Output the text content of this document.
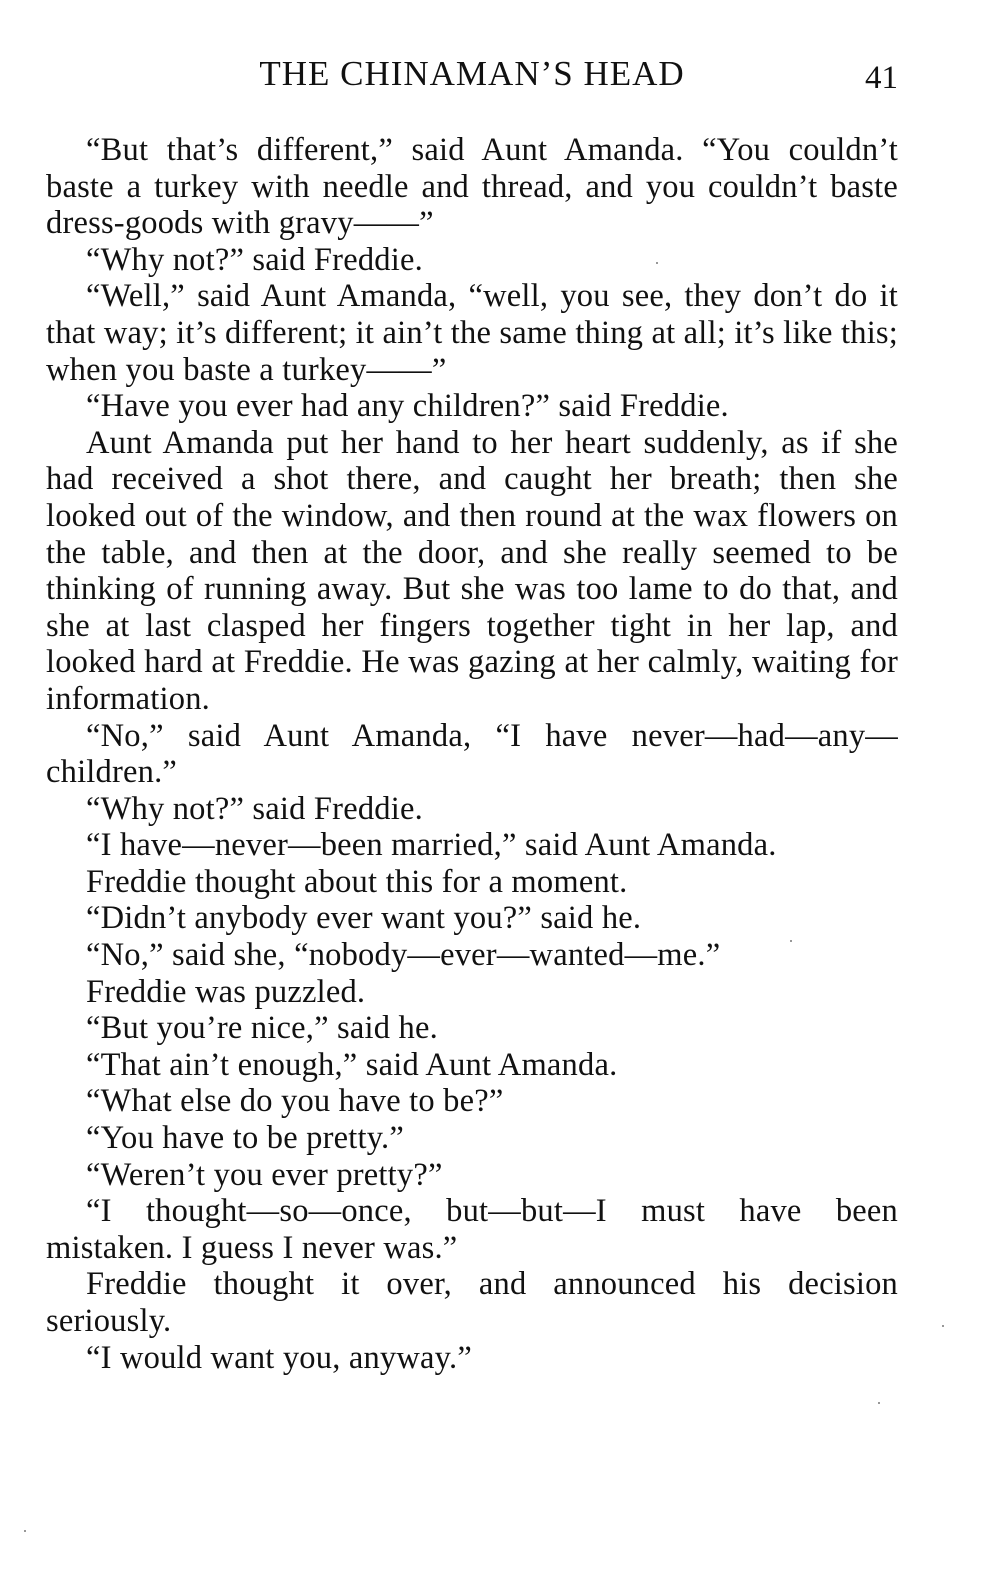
THE CHINAMAN’S HEAD	41

“But that’s different,” said Aunt Amanda. “You couldn’t baste a turkey with needle and thread, and you couldn’t baste dress-goods with gravy——”

“Why not?” said Freddie.

“Well,” said Aunt Amanda, “well, you see, they don’t do it that way; it’s different; it ain’t the same thing at all; it’s like this; when you baste a turkey——”

“Have you ever had any children?” said Freddie.

Aunt Amanda put her hand to her heart suddenly, as if she had received a shot there, and caught her breath; then she looked out of the window, and then round at the wax flowers on the table, and then at the door, and she really seemed to be thinking of running away. But she was too lame to do that, and she at last clasped her fingers together tight in her lap, and looked hard at Freddie. He was gazing at her calmly, waiting for information.

“No,” said Aunt Amanda, “I have never—had—any—children.”

“Why not?” said Freddie.

“I have—never—been married,” said Aunt Amanda.

Freddie thought about this for a moment.

“Didn’t anybody ever want you?” said he.

“No,” said she, “nobody—ever—wanted—me.”

Freddie was puzzled.

“But you’re nice,” said he.

“That ain’t enough,” said Aunt Amanda.

“What else do you have to be?”

“You have to be pretty.”

“Weren’t you ever pretty?”

“I thought—so—once, but—but—I must have been mistaken. I guess I never was.”

Freddie thought it over, and announced his decision seriously.

“I would want you, anyway.”
